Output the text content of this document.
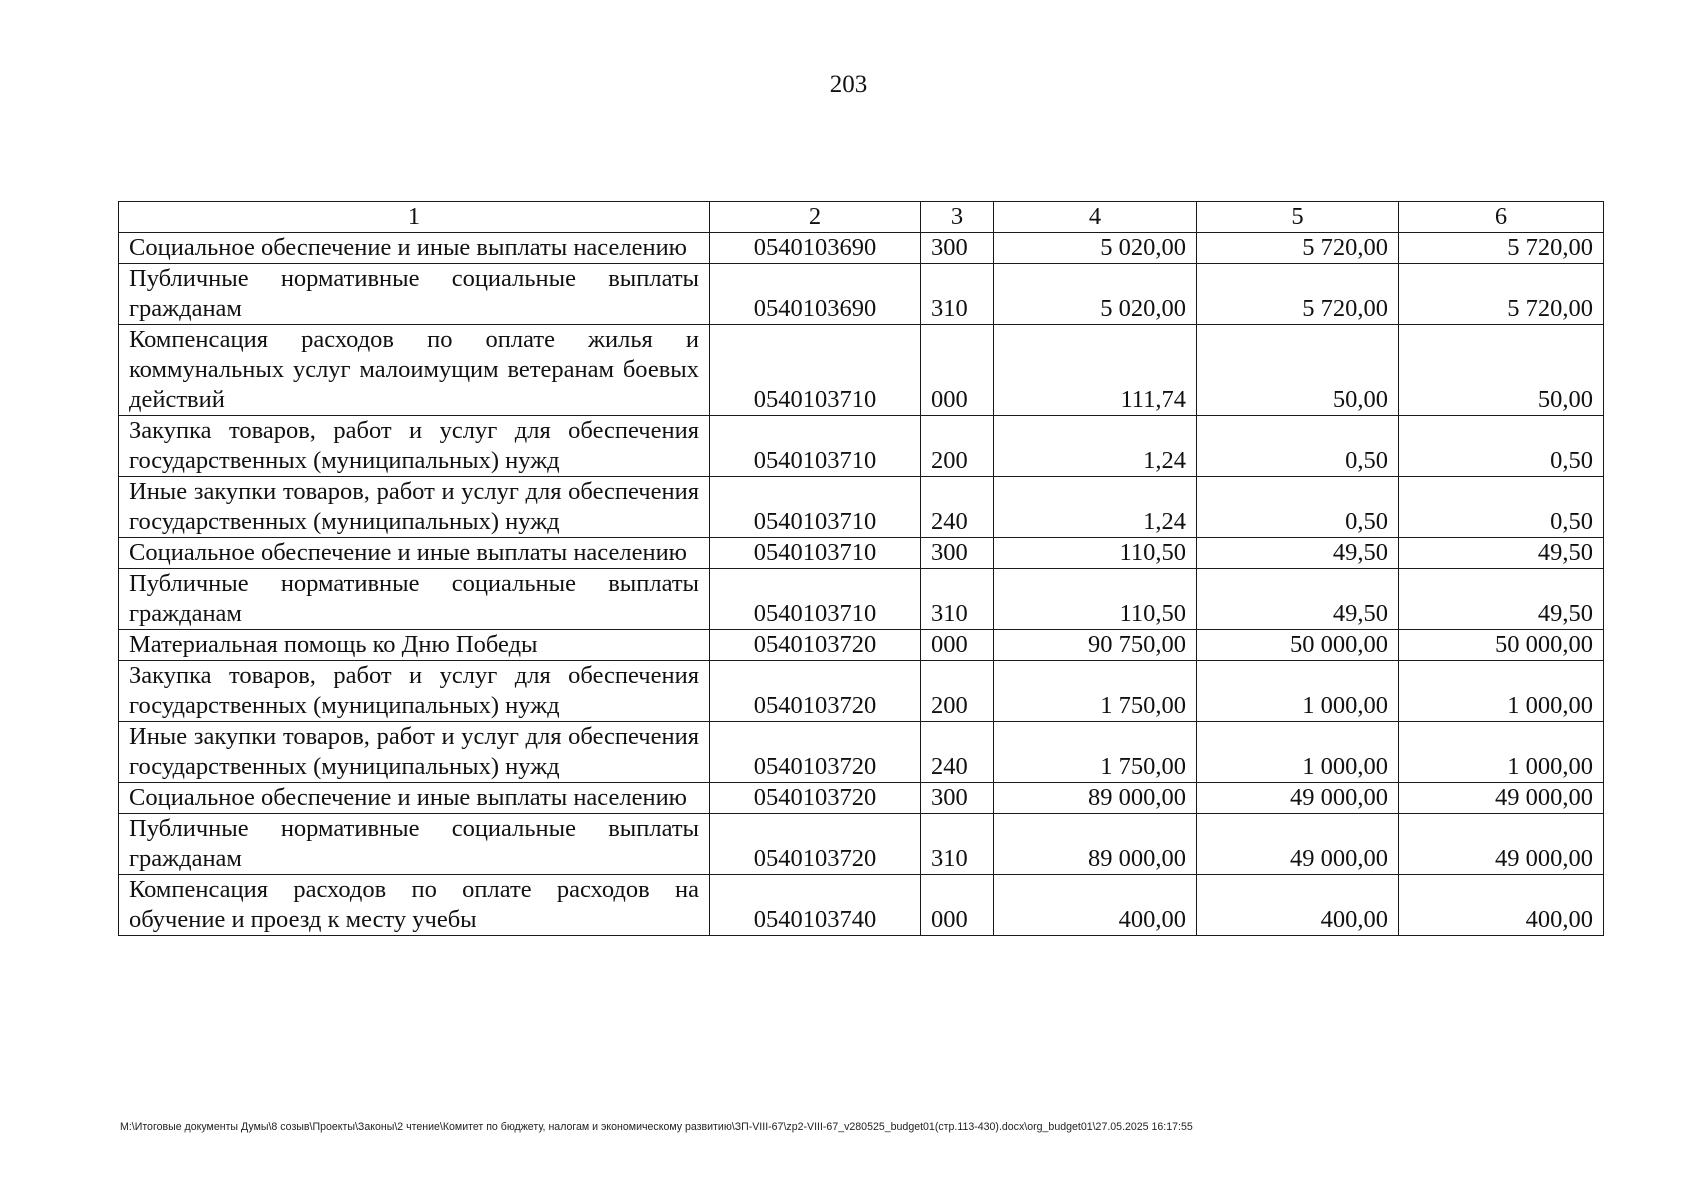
203
1	2	3	4	5	6
Социальное обеспечение и иные выплаты населению	0540103690	300	5 020,00	5 720,00	5 720,00
Публичные нормативные социальные выплаты гражданам	0540103690	310	5 020,00	5 720,00	5 720,00
Компенсация расходов по оплате жилья и коммунальных услуг малоимущим ветеранам боевых действий	0540103710	000	111,74	50,00	50,00
Закупка товаров, работ и услуг для обеспечения государственных (муниципальных) нужд	0540103710	200	1,24	0,50	0,50
Иные закупки товаров, работ и услуг для обеспечения государственных (муниципальных) нужд	0540103710	240	1,24	0,50	0,50
Социальное обеспечение и иные выплаты населению	0540103710	300	110,50	49,50	49,50
Публичные нормативные социальные выплаты гражданам	0540103710	310	110,50	49,50	49,50
Материальная помощь ко Дню Победы	0540103720	000	90 750,00	50 000,00	50 000,00
Закупка товаров, работ и услуг для обеспечения государственных (муниципальных) нужд	0540103720	200	1 750,00	1 000,00	1 000,00
Иные закупки товаров, работ и услуг для обеспечения государственных (муниципальных) нужд	0540103720	240	1 750,00	1 000,00	1 000,00
Социальное обеспечение и иные выплаты населению	0540103720	300	89 000,00	49 000,00	49 000,00
Публичные нормативные социальные выплаты гражданам	0540103720	310	89 000,00	49 000,00	49 000,00
Компенсация расходов по оплате расходов на обучение и проезд к месту учебы	0540103740	000	400,00	400,00	400,00
М:\Итоговые документы Думы\8 созыв\Проекты\Законы\2 чтение\Комитет по бюджету, налогам и экономическому развитию\ЗП-VIII-67\zp2-VIII-67_v280525_budget01(стр.113-430).docx\org_budget01\27.05.2025 16:17:55
